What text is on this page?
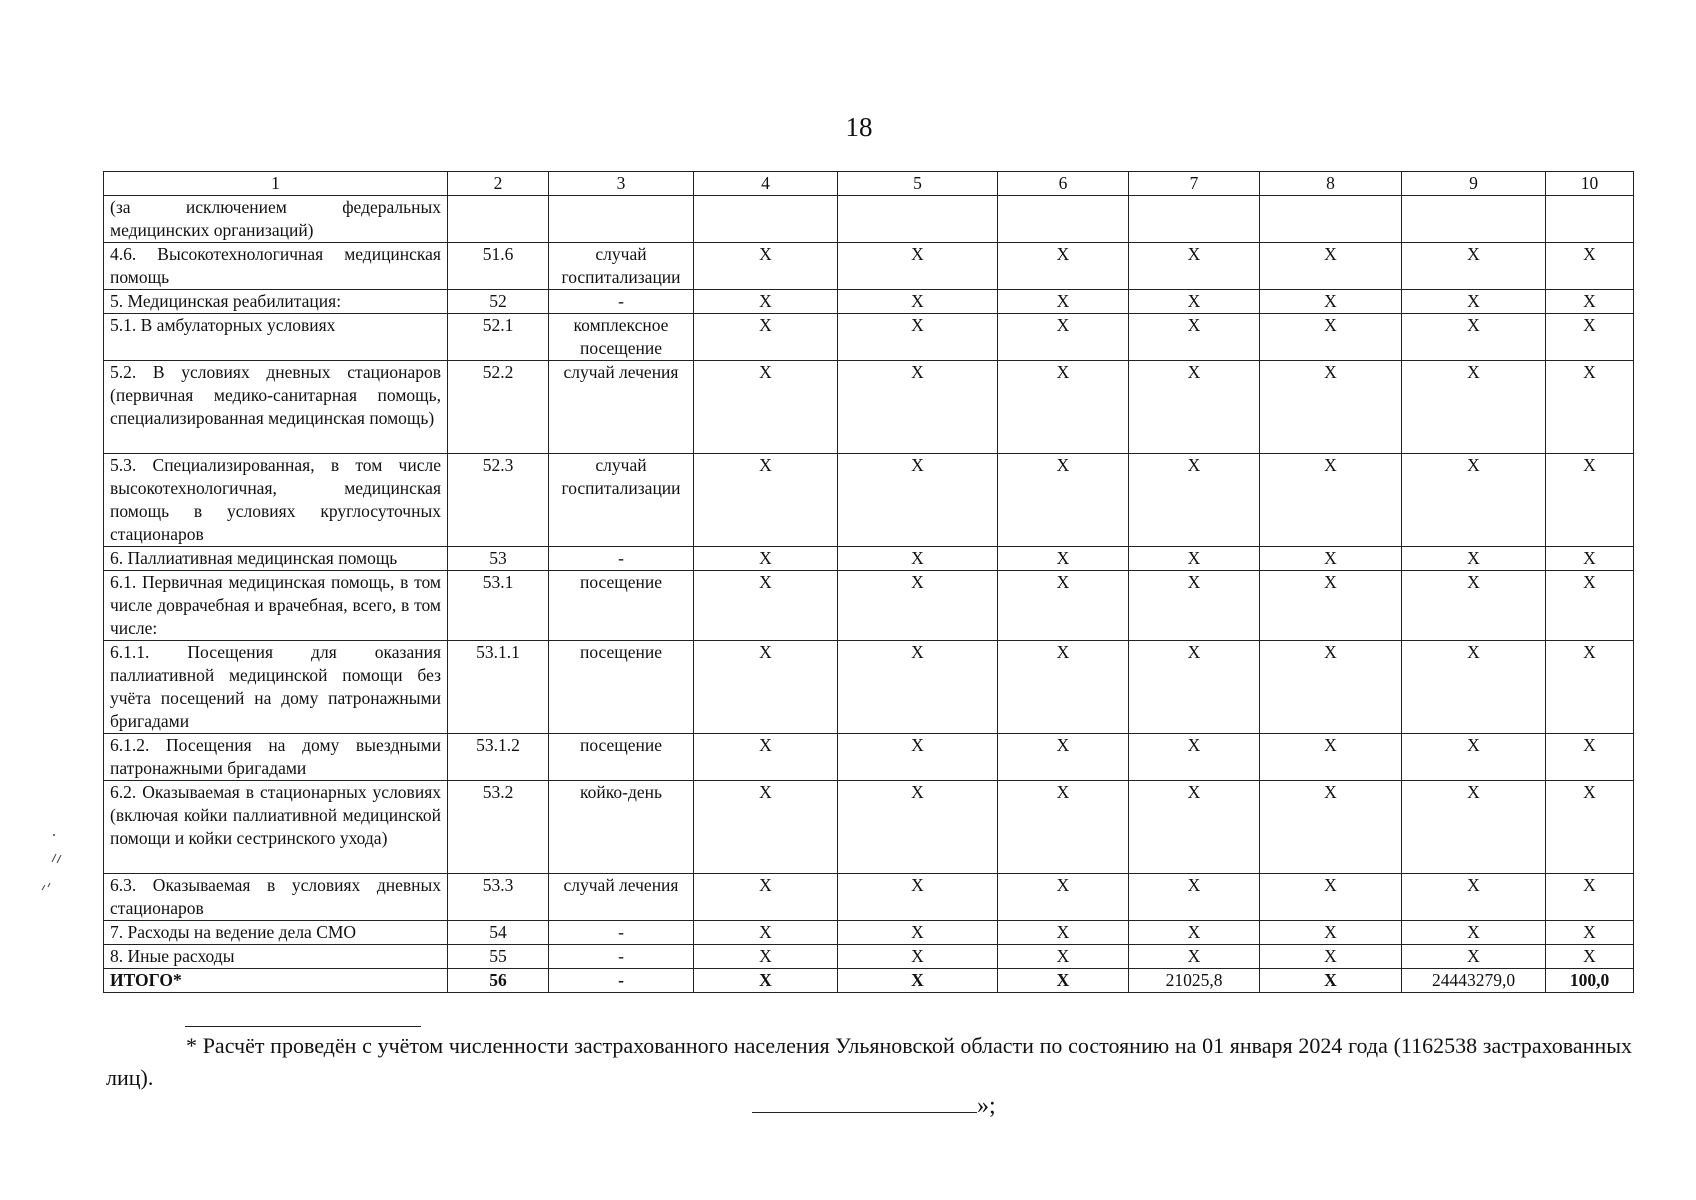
18
1	2	3	4	5	6	7	8	9	10
(за исключением федеральных медицинских организаций)									
4.6. Высокотехнологичная медицинская помощь	51.6	случай госпитализации	X	X	X	X	X	X	X
5. Медицинская реабилитация:	52	-	X	X	X	X	X	X	X
5.1. В амбулаторных условиях	52.1	комплексное посещение	X	X	X	X	X	X	X
5.2. В условиях дневных стационаров (первичная медико-санитарная помощь, специализированная медицинская помощь)	52.2	случай лечения	X	X	X	X	X	X	X
5.3. Специализированная, в том числе высокотехнологичная, медицинская помощь в условиях круглосуточных стационаров	52.3	случай госпитализации	X	X	X	X	X	X	X
6. Паллиативная медицинская помощь	53	-	X	X	X	X	X	X	X
6.1. Первичная медицинская помощь, в том числе доврачебная и врачебная, всего, в том числе:	53.1	посещение	X	X	X	X	X	X	X
6.1.1. Посещения для оказания паллиативной медицинской помощи без учёта посещений на дому патронажными бригадами	53.1.1	посещение	X	X	X	X	X	X	X
6.1.2. Посещения на дому выездными патронажными бригадами	53.1.2	посещение	X	X	X	X	X	X	X
6.2. Оказываемая в стационарных условиях (включая койки паллиативной медицинской помощи и койки сестринского ухода)	53.2	койко-день	X	X	X	X	X	X	X
6.3. Оказываемая в условиях дневных стационаров	53.3	случай лечения	X	X	X	X	X	X	X
7. Расходы на ведение дела СМО	54	-	X	X	X	X	X	X	X
8. Иные расходы	55	-	X	X	X	X	X	X	X
ИТОГО*	56	-	X	X	X	21025,8	X	24443279,0	100,0
* Расчёт проведён с учётом численности застрахованного населения Ульяновской области по состоянию на 01 января 2024 года (1162538 застрахованных лиц).
»;
